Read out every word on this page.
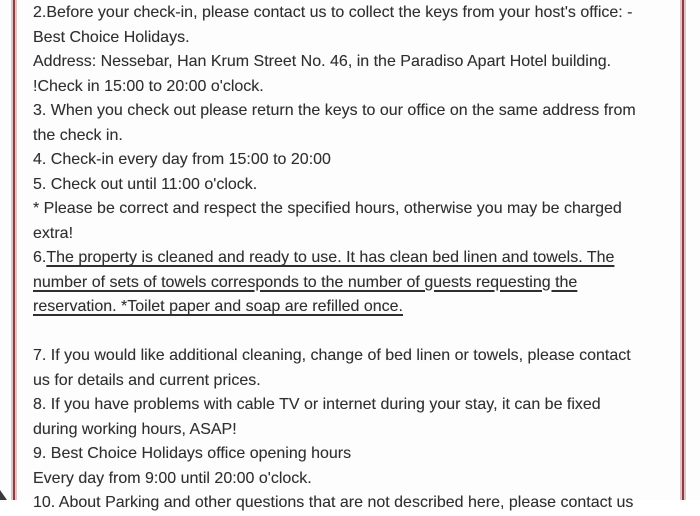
2.Before your check-in, please contact us to collect the keys from your host's office: -
Best Choice Holidays.
Address: Nessebar, Han Krum Street No. 46, in the Paradiso Apart Hotel building.
!Check in 15:00 to 20:00 o'clock.
3. When you check out please return the keys to our office on the same address from
the check in.
4. Check-in every day from 15:00 to 20:00
5. Check out until 11:00 o'clock.
* Please be correct and respect the specified hours, otherwise you may be charged
extra!
6.The property is cleaned and ready to use. It has clean bed linen and towels. The
number of sets of towels corresponds to the number of guests requesting the
reservation. *Toilet paper and soap are refilled once.
7. If you would like additional cleaning, change of bed linen or towels, please contact
us for details and current prices.
8. If you have problems with cable TV or internet during your stay, it can be fixed
during working hours, ASAP!
9. Best Choice Holidays office opening hours
Every day from 9:00 until 20:00 o'clock.
10. About Parking and other questions that are not described here, please contact us
